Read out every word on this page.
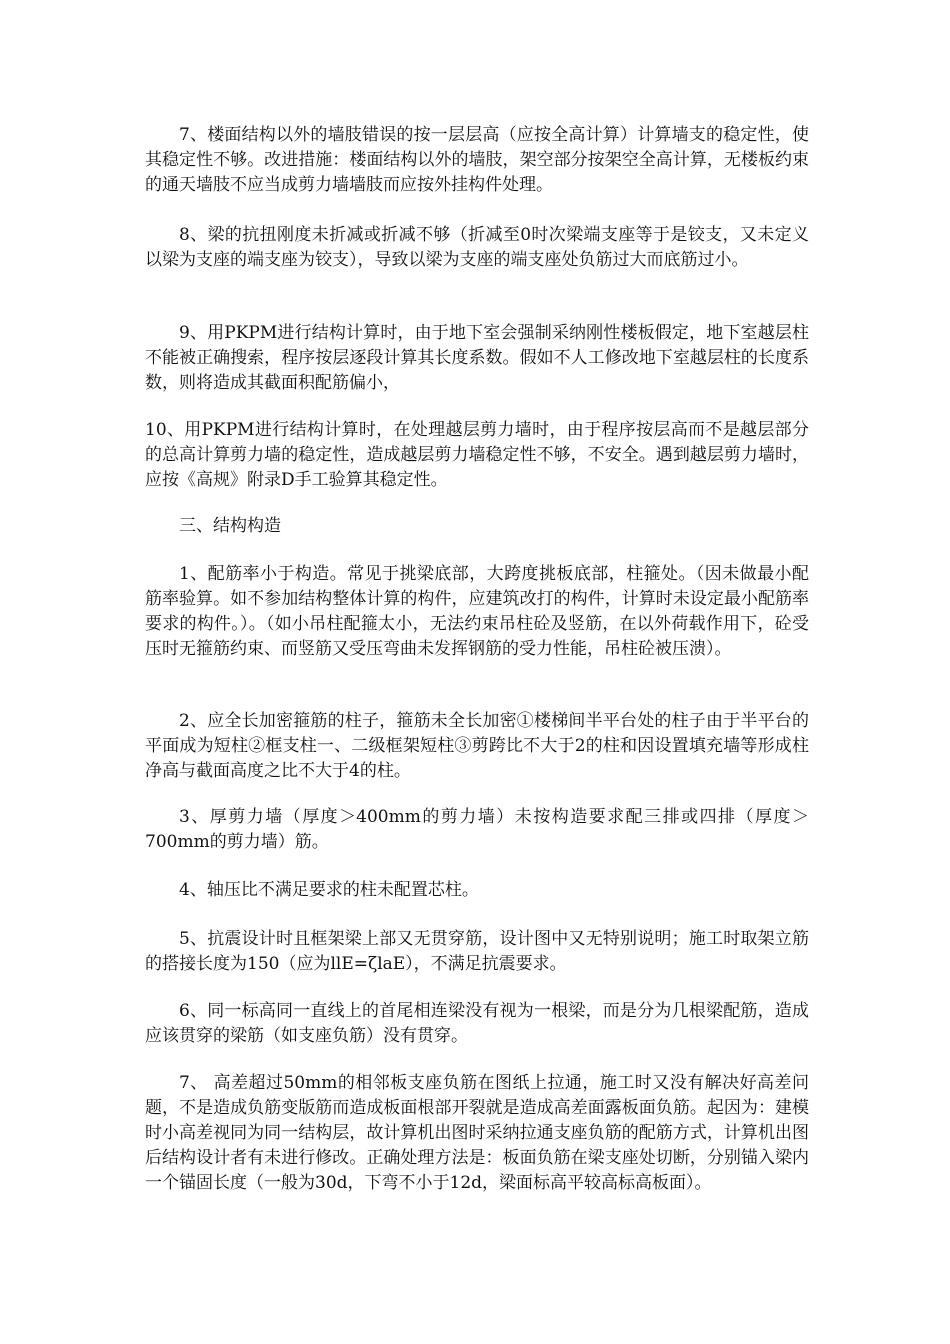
7、楼面结构以外的墙肢错误的按一层层高（应按全高计算）计算墙支的稳定性，使其稳定性不够。改进措施：楼面结构以外的墙肢，架空部分按架空全高计算，无楼板约束的通天墙肢不应当成剪力墙墙肢而应按外挂构件处理。

8、梁的抗扭刚度未折减或折减不够（折减至0时次梁端支座等于是铰支，又未定义以梁为支座的端支座为铰支），导致以梁为支座的端支座处负筋过大而底筋过小。

9、用PKPM进行结构计算时，由于地下室会强制采纳刚性楼板假定，地下室越层柱不能被正确搜索，程序按层逐段计算其长度系数。假如不人工修改地下室越层柱的长度系数，则将造成其截面积配筋偏小，

10、用PKPM进行结构计算时，在处理越层剪力墙时，由于程序按层高而不是越层部分的总高计算剪力墙的稳定性，造成越层剪力墙稳定性不够，不安全。遇到越层剪力墙时，应按《高规》附录D手工验算其稳定性。

三、结构构造

1、配筋率小于构造。常见于挑梁底部，大跨度挑板底部，柱箍处。（因未做最小配筋率验算。如不参加结构整体计算的构件，应建筑改打的构件，计算时未设定最小配筋率要求的构件。）。（如小吊柱配箍太小，无法约束吊柱砼及竖筋，在以外荷载作用下，砼受压时无箍筋约束、而竖筋又受压弯曲未发挥钢筋的受力性能，吊柱砼被压溃）。

2、应全长加密箍筋的柱子，箍筋未全长加密①楼梯间半平台处的柱子由于半平台的平面成为短柱②框支柱一、二级框架短柱③剪跨比不大于2的柱和因设置填充墙等形成柱净高与截面高度之比不大于4的柱。

3、厚剪力墙（厚度＞400mm的剪力墙）未按构造要求配三排或四排（厚度＞700mm的剪力墙）筋。

4、轴压比不满足要求的柱未配置芯柱。

5、抗震设计时且框架梁上部又无贯穿筋，设计图中又无特别说明；施工时取架立筋的搭接长度为150（应为llE=ζlaE），不满足抗震要求。

6、同一标高同一直线上的首尾相连梁没有视为一根梁，而是分为几根梁配筋，造成应该贯穿的梁筋（如支座负筋）没有贯穿。

7、 高差超过50mm的相邻板支座负筋在图纸上拉通，施工时又没有解决好高差问题，不是造成负筋变版筋而造成板面根部开裂就是造成高差面露板面负筋。起因为：建模时小高差视同为同一结构层，故计算机出图时采纳拉通支座负筋的配筋方式，计算机出图后结构设计者有未进行修改。正确处理方法是：板面负筋在梁支座处切断，分别锚入梁内一个锚固长度（一般为30d，下弯不小于12d，梁面标高平较高标高板面）。
